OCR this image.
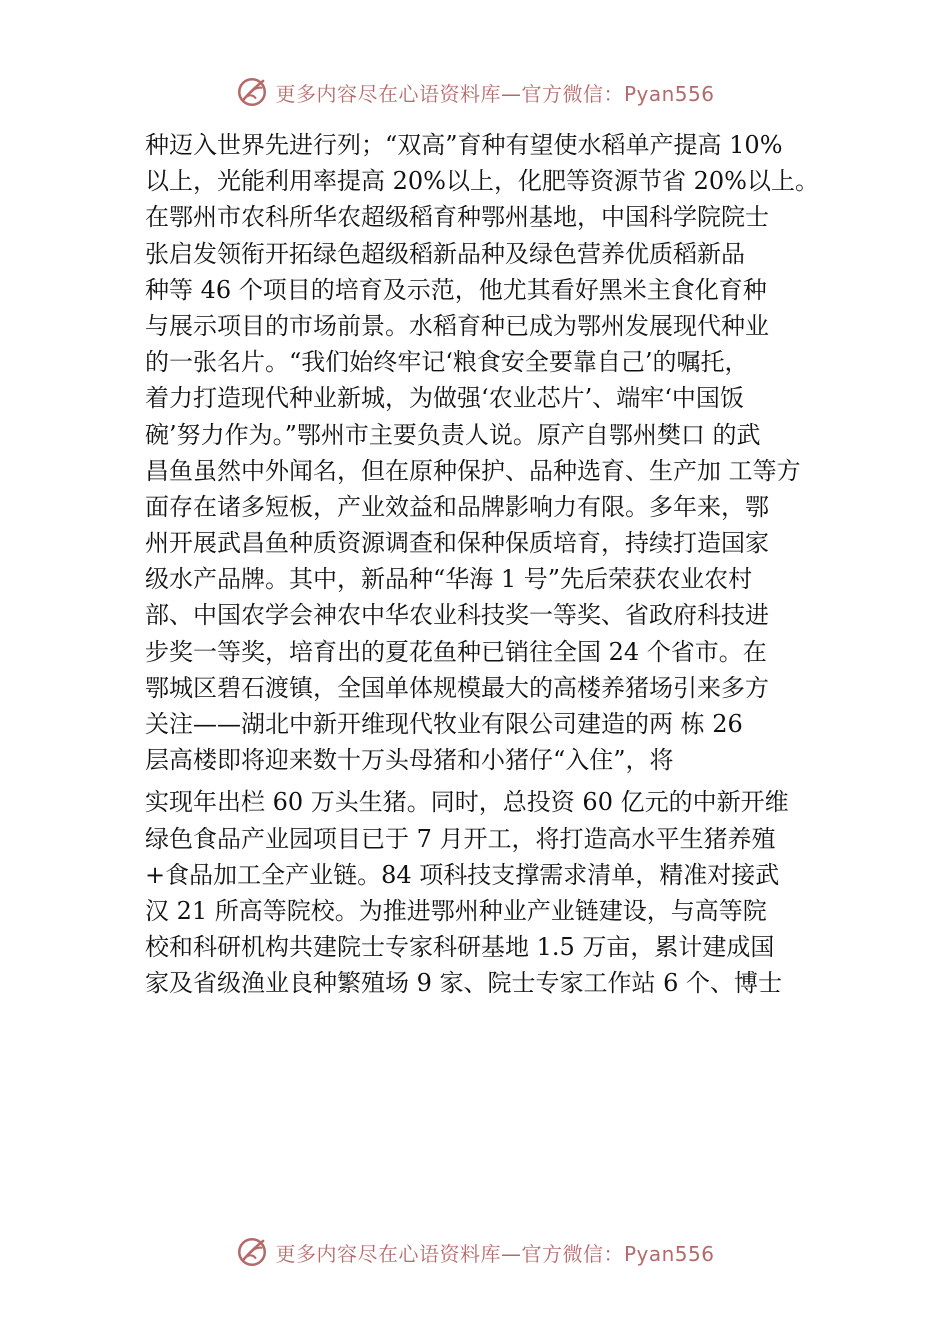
更多内容尽在心语资料库—官方微信：Pyan556
种迈入世界先进行列；“双高”育种有望使水稻单产提高 10%
以上，光能利用率提高 20%以上，化肥等资源节省 20%以上。
在鄂州市农科所华农超级稻育种鄂州基地，中国科学院院士
张启发领衔开拓绿色超级稻新品种及绿色营养优质稻新品
种等 46 个项目的培育及示范，他尤其看好黑米主食化育种
与展示项目的市场前景。水稻育种已成为鄂州发展现代种业
的一张名片。“我们始终牢记‘粮食安全要靠自己’的嘱托，
着力打造现代种业新城，为做强‘农业芯片’、端牢‘中国饭
碗’努力作为。”鄂州市主要负责人说。原产自鄂州樊口 的武
昌鱼虽然中外闻名，但在原种保护、品种选育、生产加 工等方
面存在诸多短板，产业效益和品牌影响力有限。多年来，鄂
州开展武昌鱼种质资源调查和保种保质培育，持续打造国家
级水产品牌。其中，新品种“华海 1 号”先后荣获农业农村
部、中国农学会神农中华农业科技奖一等奖、省政府科技进
步奖一等奖，培育出的夏花鱼种已销往全国 24 个省市。在
鄂城区碧石渡镇，全国单体规模最大的高楼养猪场引来多方
关注——湖北中新开维现代牧业有限公司建造的两 栋 26
层高楼即将迎来数十万头母猪和小猪仔“入住”，将
实现年出栏 60 万头生猪。同时，总投资 60 亿元的中新开维
绿色食品产业园项目已于 7 月开工，将打造高水平生猪养殖
+食品加工全产业链。84 项科技支撑需求清单，精准对接武
汉 21 所高等院校。为推进鄂州种业产业链建设，与高等院
校和科研机构共建院士专家科研基地 1.5 万亩，累计建成国
家及省级渔业良种繁殖场 9 家、院士专家工作站 6 个、博士
更多内容尽在心语资料库—官方微信：Pyan556
